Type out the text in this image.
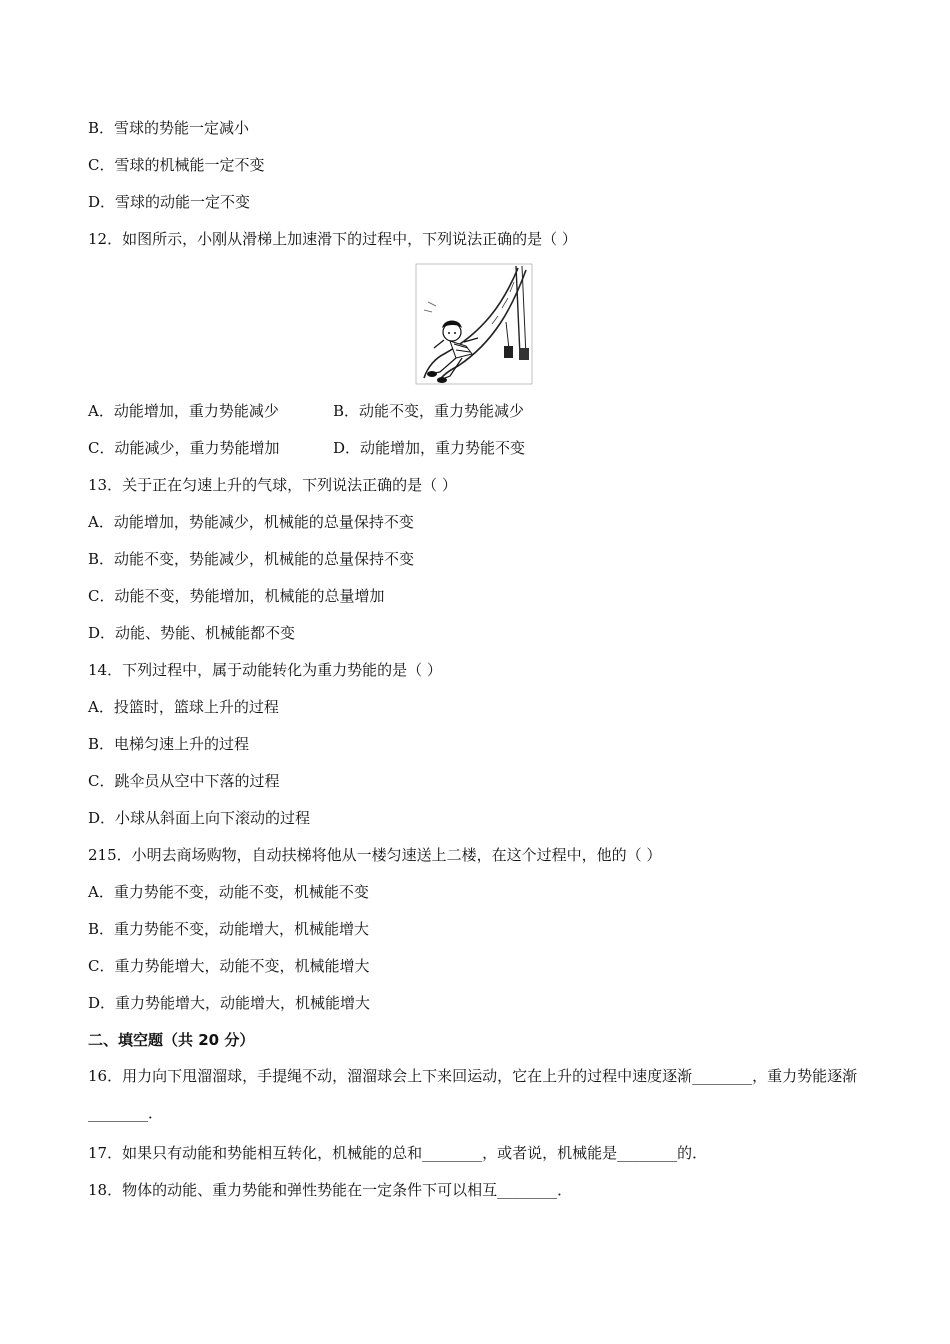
B．雪球的势能一定减小
C．雪球的机械能一定不变
D．雪球的动能一定不变
12．如图所示，小刚从滑梯上加速滑下的过程中，下列说法正确的是（ ）
A．动能增加，重力势能减少	B．动能不变，重力势能减少
C．动能减少，重力势能增加	D．动能增加，重力势能不变
13．关于正在匀速上升的气球，下列说法正确的是（ ）
A．动能增加，势能减少，机械能的总量保持不变
B．动能不变，势能减少，机械能的总量保持不变
C．动能不变，势能增加，机械能的总量增加
D．动能、势能、机械能都不变
14．下列过程中，属于动能转化为重力势能的是（ ）
A．投篮时，篮球上升的过程
B．电梯匀速上升的过程
C．跳伞员从空中下落的过程
D．小球从斜面上向下滚动的过程
215．小明去商场购物，自动扶梯将他从一楼匀速送上二楼，在这个过程中，他的（ ）
A．重力势能不变，动能不变，机械能不变
B．重力势能不变，动能增大，机械能增大
C．重力势能增大，动能不变，机械能增大
D．重力势能增大，动能增大，机械能增大
二、填空题（共 20 分）
16．用力向下甩溜溜球，手提绳不动，溜溜球会上下来回运动，它在上升的过程中速度逐渐________，重力势能逐渐________．
17．如果只有动能和势能相互转化，机械能的总和________，或者说，机械能是________的．
18．物体的动能、重力势能和弹性势能在一定条件下可以相互________．
